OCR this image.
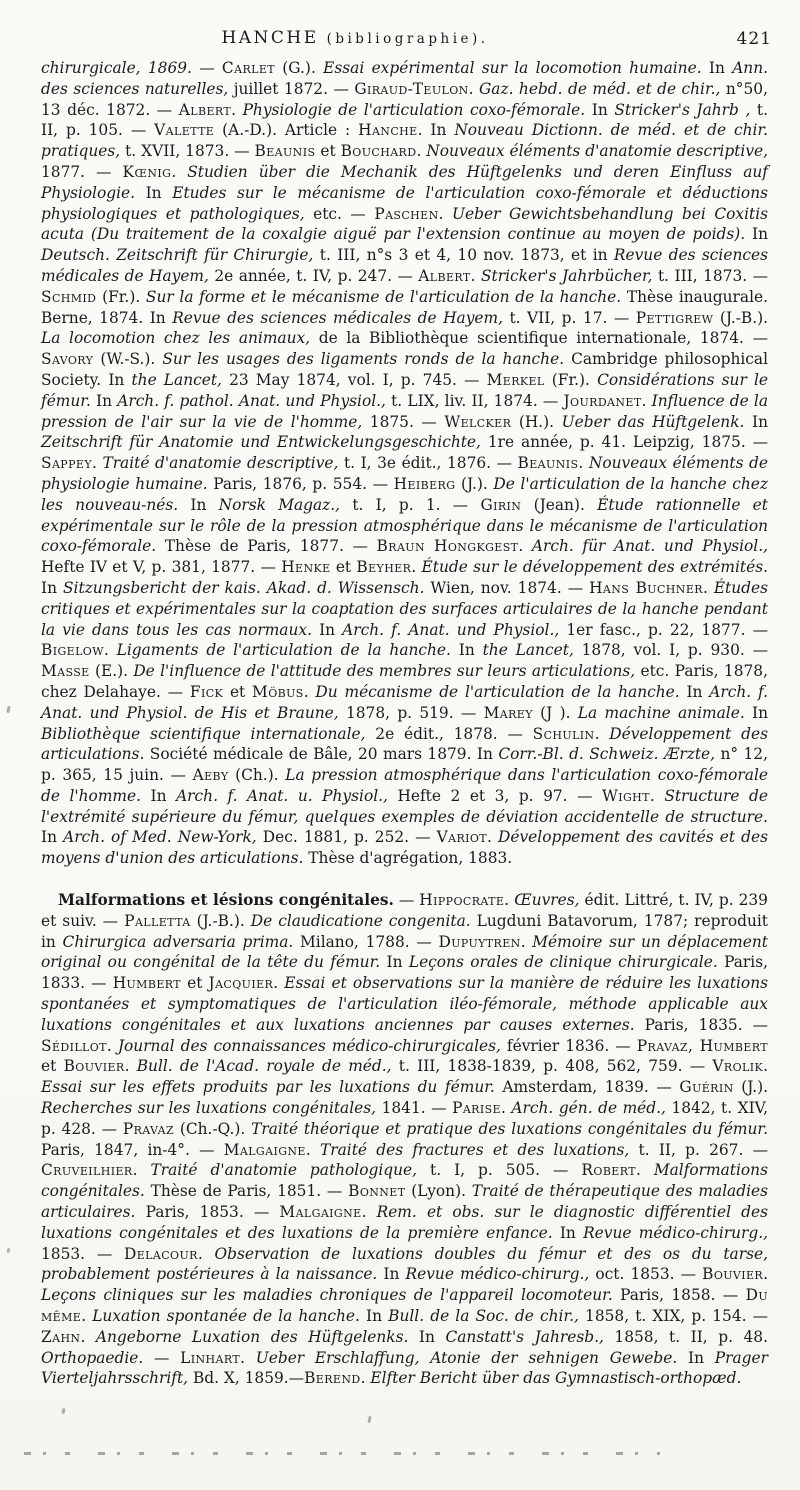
HANCHE (bibliographie).	421

chirurgicale, 1869. — Carlet (G.). Essai expérimental sur la locomotion humaine. In Ann. des sciences naturelles, juillet 1872. — Giraud-Teulon. Gaz. hebd. de méd. et de chir., n°50, 13 déc. 1872. — Albert. Physiologie de l'articulation coxo-fémorale. In Stricker's Jahrb , t. II, p. 105. — Valette (A.-D.). Article : Hanche. In Nouveau Dictionn. de méd. et de chir. pratiques, t. XVII, 1873. — Beaunis et Bouchard. Nouveaux éléments d'anatomie descriptive, 1877. — Kœnig. Studien über die Mechanik des Hüftgelenks und deren Einfluss auf Physiologie. In Etudes sur le mécanisme de l'articulation coxo-fémorale et déductions physiologiques et pathologiques, etc. — Paschen. Ueber Gewichtsbehandlung bei Coxitis acuta (Du traitement de la coxalgie aiguë par l'extension continue au moyen de poids). In Deutsch. Zeitschrift für Chirurgie, t. III, n°s 3 et 4, 10 nov. 1873, et in Revue des sciences médicales de Hayem, 2e année, t. IV, p. 247. — Albert. Stricker's Jahrbücher, t. III, 1873. — Schmid (Fr.). Sur la forme et le mécanisme de l'articulation de la hanche. Thèse inaugurale. Berne, 1874. In Revue des sciences médicales de Hayem, t. VII, p. 17. — Pettigrew (J.-B.). La locomotion chez les animaux, de la Bibliothèque scientifique internationale, 1874. — Savory (W.-S.). Sur les usages des ligaments ronds de la hanche. Cambridge philosophical Society. In the Lancet, 23 May 1874, vol. I, p. 745. — Merkel (Fr.). Considérations sur le fémur. In Arch. f. pathol. Anat. und Physiol., t. LIX, liv. II, 1874. — Jourdanet. Influence de la pression de l'air sur la vie de l'homme, 1875. — Welcker (H.). Ueber das Hüftgelenk. In Zeitschrift für Anatomie und Entwickelungsgeschichte, 1re année, p. 41. Leipzig, 1875. — Sappey. Traité d'anatomie descriptive, t. I, 3e édit., 1876. — Beaunis. Nouveaux éléments de physiologie humaine. Paris, 1876, p. 554. — Heiberg (J.). De l'articulation de la hanche chez les nouveau-nés. In Norsk Magaz., t. I, p. 1. — Girin (Jean). Étude rationnelle et expérimentale sur le rôle de la pression atmosphérique dans le mécanisme de l'articulation coxo-fémorale. Thèse de Paris, 1877. — Braun Hongkgest. Arch. für Anat. und Physiol., Hefte IV et V, p. 381, 1877. — Henke et Beyher. Étude sur le développement des extrémités. In Sitzungsbericht der kais. Akad. d. Wissensch. Wien, nov. 1874. — Hans Buchner. Études critiques et expérimentales sur la coaptation des surfaces articulaires de la hanche pendant la vie dans tous les cas normaux. In Arch. f. Anat. und Physiol., 1er fasc., p. 22, 1877. — Bigelow. Ligaments de l'articulation de la hanche. In the Lancet, 1878, vol. I, p. 930. — Masse (E.). De l'influence de l'attitude des membres sur leurs articulations, etc. Paris, 1878, chez Delahaye. — Fick et Möbus. Du mécanisme de l'articulation de la hanche. In Arch. f. Anat. und Physiol. de His et Braune, 1878, p. 519. — Marey (J ). La machine animale. In Bibliothèque scientifique internationale, 2e édit., 1878. — Schulin. Développement des articulations. Société médicale de Bâle, 20 mars 1879. In Corr.-Bl. d. Schweiz. Ærzte, n° 12, p. 365, 15 juin. — Aeby (Ch.). La pression atmosphérique dans l'articulation coxo-fémorale de l'homme. In Arch. f. Anat. u. Physiol., Hefte 2 et 3, p. 97. — Wight. Structure de l'extrémité supérieure du fémur, quelques exemples de déviation accidentelle de structure. In Arch. of Med. New-York, Dec. 1881, p. 252. — Variot. Développement des cavités et des moyens d'union des articulations. Thèse d'agrégation, 1883.

Malformations et lésions congénitales. — Hippocrate. Œuvres, édit. Littré, t. IV, p. 239 et suiv. — Palletta (J.-B.). De claudicatione congenita. Lugduni Batavorum, 1787; reproduit in Chirurgica adversaria prima. Milano, 1788. — Dupuytren. Mémoire sur un déplacement original ou congénital de la tête du fémur. In Leçons orales de clinique chirurgicale. Paris, 1833. — Humbert et Jacquier. Essai et observations sur la manière de réduire les luxations spontanées et symptomatiques de l'articulation iléo-fémorale, méthode applicable aux luxations congénitales et aux luxations anciennes par causes externes. Paris, 1835. — Sédillot. Journal des connaissances médico-chirurgicales, février 1836. — Pravaz, Humbert et Bouvier. Bull. de l'Acad. royale de méd., t. III, 1838-1839, p. 408, 562, 759. — Vrolik. Essai sur les effets produits par les luxations du fémur. Amsterdam, 1839. — Guérin (J.). Recherches sur les luxations congénitales, 1841. — Parise. Arch. gén. de méd., 1842, t. XIV, p. 428. — Pravaz (Ch.-Q.). Traité théorique et pratique des luxations congénitales du fémur. Paris, 1847, in-4°. — Malgaigne. Traité des fractures et des luxations, t. II, p. 267. — Cruveilhier. Traité d'anatomie pathologique, t. I, p. 505. — Robert. Malformations congénitales. Thèse de Paris, 1851. — Bonnet (Lyon). Traité de thérapeutique des maladies articulaires. Paris, 1853. — Malgaigne. Rem. et obs. sur le diagnostic différentiel des luxations congénitales et des luxations de la première enfance. In Revue médico-chirurg., 1853. — Delacour. Observation de luxations doubles du fémur et des os du tarse, probablement postérieures à la naissance. In Revue médico-chirurg., oct. 1853. — Bouvier. Leçons cliniques sur les maladies chroniques de l'appareil locomoteur. Paris, 1858. — Du même. Luxation spontanée de la hanche. In Bull. de la Soc. de chir., 1858, t. XIX, p. 154. — Zahn. Angeborne Luxation des Hüftgelenks. In Canstatt's Jahresb., 1858, t. II, p. 48. Orthopaedie. — Linhart. Ueber Erschlaffung, Atonie der sehnigen Gewebe. In Prager Vierteljahrsschrift, Bd. X, 1859.—Berend. Elfter Bericht über das Gymnastisch-orthopæd.
